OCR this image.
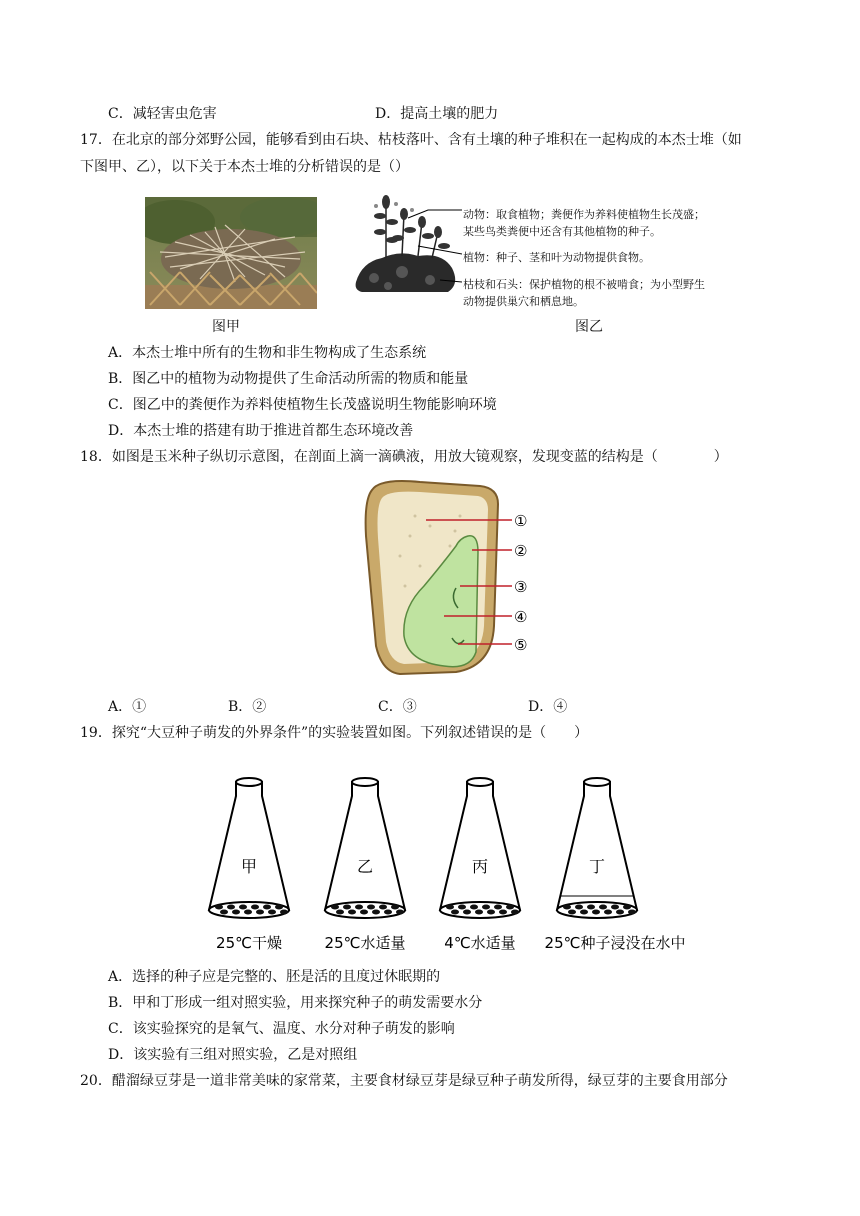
C．减轻害虫危害	D．提高土壤的肥力
17．在北京的部分郊野公园，能够看到由石块、枯枝落叶、含有土壤的种子堆积在一起构成的本杰士堆（如
下图甲、乙），以下关于本杰士堆的分析错误的是（）
图甲
动物：取食植物；粪便作为养料使植物生长茂盛；
某些鸟类粪便中还含有其他植物的种子。
植物：种子、茎和叶为动物提供食物。
枯枝和石头：保护植物的根不被啃食；为小型野生
动物提供巢穴和栖息地。
图乙
A．本杰士堆中所有的生物和非生物构成了生态系统
B．图乙中的植物为动物提供了生命活动所需的物质和能量
C．图乙中的粪便作为养料使植物生长茂盛说明生物能影响环境
D．本杰士堆的搭建有助于推进首都生态环境改善
18．如图是玉米种子纵切示意图，在剖面上滴一滴碘液，用放大镜观察，发现变蓝的结构是（　　　　）
①
②
③
④
⑤
A．①	B．②	C．③	D．④
19．探究“大豆种子萌发的外界条件”的实验装置如图。下列叙述错误的是（　　）
甲	乙	丙	丁
25℃干燥	25℃水适量	4℃水适量 25℃种子浸没在水中
A．选择的种子应是完整的、胚是活的且度过休眠期的
B．甲和丁形成一组对照实验，用来探究种子的萌发需要水分
C．该实验探究的是氧气、温度、水分对种子萌发的影响
D．该实验有三组对照实验，乙是对照组
20．醋溜绿豆芽是一道非常美味的家常菜，主要食材绿豆芽是绿豆种子萌发所得，绿豆芽的主要食用部分
